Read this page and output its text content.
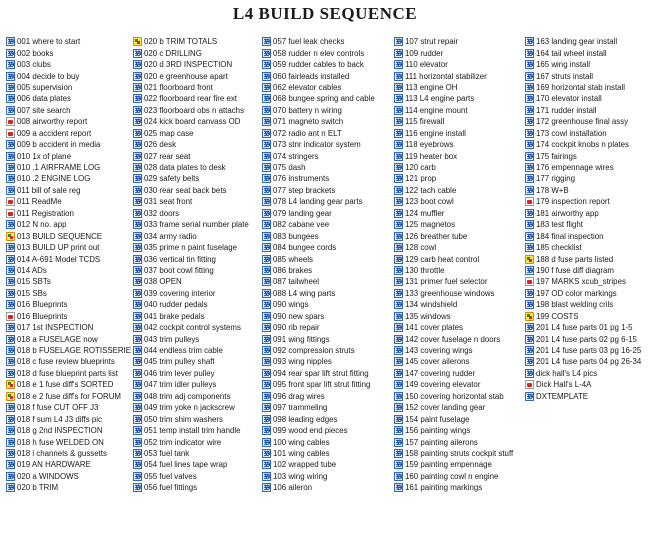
L4 BUILD SEQUENCE
W
001 where to start
W
002 books
W
003 clubs
W
004 decide to buy
W
005 supervision
W
006 data plates
W
007 site search
008 airworthy report
009 a accident report
W
009 b accident in media
W
010 1x of plane
W
010 .1 AIRFRAME LOG
W
010 .2 ENGINE LOG
W
011 bill of sale reg
011 ReadMe
011 Registration
W
012 N no. app
013 BUILD SEQUENCE
W
013 BUILD UP print out
W
014 A-691 Model TCDS
W
014 ADs
W
015 SBTs
W
015 SBs
W
016 Blueprints
016 Blueprints
W
017 1st INSPECTION
W
018 a FUSELAGE now
W
018 b FUSELAGE ROTISSERIE
W
018 c fuse review blueprints
W
018 d fuse blueprint parts list
018 e 1 fuse diff's SORTED
018 e 2 fuse diff's for FORUM
W
018 f fuse CUT OFF J3
W
018 f sum L4 J3 diffs pic
W
018 g 2nd INSPECTION
W
018 h fuse WELDED ON
W
018 i channels & gussetts
W
019 AN HARDWARE
W
020 a WINDOWS
W
020 b TRIM
020 b TRIM TOTALS
W
020 c DRILLING
W
020 d 3RD INSPECTION
W
020 e greenhouse apart
W
021 floorboard front
W
022 floorboard rear fire ext
W
023 floorboard obs n attachs
W
024 kick board canvass OD
W
025 map case
W
026 desk
W
027 rear seat
W
028 data plates to desk
W
029 safety belts
W
030 rear seat back bets
W
031 seat front
W
032 doors
W
033 frame serial number plate
W
034 army radio
W
035 prime n paint fuselage
W
036 vertical tin fitting
W
037 boot cowl fitting
W
038 OPEN
W
039 covering interior
W
040 rudder pedals
W
041 brake pedals
W
042 cockpit control systems
W
043 trim pulleys
W
044 endless trim cable
W
045 trim pulley shaft
W
046 trim lever pulley
W
047 trim idler pulleys
W
048 trim adj components
W
049 trim yoke n jackscrew
W
050 trim shim washers
W
051 temp install trim handle
W
052 trim indicator wire
W
053 fuel tank
W
054 fuel lines tape wrap
W
055 fuel valves
W
056 fuel fittings
W
057 fuel leak checks
W
058 rudder n elev controls
W
059 rudder cables to back
W
060 fairleads installed
W
062 elevator cables
W
068 bungee spring and cable
W
070 battery n wiring
W
071 magneto switch
W
072 radio ant n ELT
W
073 stnr indicator system
W
074 stringers
W
075 dash
W
076 instruments
W
077 step brackets
W
078 L4 landing gear parts
W
079 landing gear
W
082 cabane vee
W
083 bungees
W
084 bungee cords
W
085 wheels
W
086 brakes
W
087 tailwheel
W
088 L4 wing parts
W
090 wings
W
090 new spars
W
090 rib repair
W
091 wing fittings
W
092 compression struts
W
093 wing nipples
W
094 rear spar lift strut fitting
W
095 front spar lift strut fitting
W
096 drag wires
W
097 trammeling
W
098 leading edges
W
099 wood end pieces
W
100 wing cables
W
101 wing cables
W
102 wrapped tube
W
103 wing wiring
W
106 aileron
W
107 strut repair
W
109 rudder
W
110 elevator
W
111 horizontal stabilizer
W
113 engine OH
W
113 L4 engine parts
W
114 engine mount
W
115 firewall
W
116 engine install
W
118 eyebrows
W
119 heater box
W
120 carb
W
121 prop
W
122 tach cable
W
123 boot cowl
W
124 muffler
W
125 magnetos
W
126 breather tube
W
128 cowl
W
129 carb heat control
W
130 throttle
W
131 primer fuel selector
W
133 greenhouse windows
W
134 windshield
W
135 windows
W
141 cover plates
W
142 cover fuselage n doors
W
143 covering wings
W
145 cover ailerons
W
147 covering rudder
W
149 covering elevator
W
150 covering horizontal stab
W
152 cover landing gear
W
154 paint fuselage
W
156 painting wings
W
157 painting ailerons
W
158 painting struts cockpit stuff
W
159 painting empennage
W
160 painting cowl n engine
W
161 painting markings
W
163 landing gear install
W
164 tail wheel install
W
165 wing install
W
167 struts install
W
169 horizontal stab install
W
170 elevator install
W
171 rudder install
W
172 greenhouse final assy
W
173 cowl installation
W
174 cockpit knobs n plates
W
175 fairings
W
176 empennage wires
W
177 rigging
W
178 W+B
179 inspection report
W
181 airworthy app
W
183 test flight
W
184 final inspection
W
185 checklist
188 d fuse parts listed
W
190 f fuse diff diagram
197 MARKS xcub_stripes
W
197 OD color markings
W
198 blast welding crils
199 COSTS
W
201 L4 fuse parts 01 pg 1-5
W
201 L4 fuse parts 02 pg 6-15
W
201 L4 fuse parts 03 pg 16-25
W
201 L4 fuse parts 04 pg 26-34
W
dick hall's L4 pics
Dick Hall's L-4A
W
DXTEMPLATE
